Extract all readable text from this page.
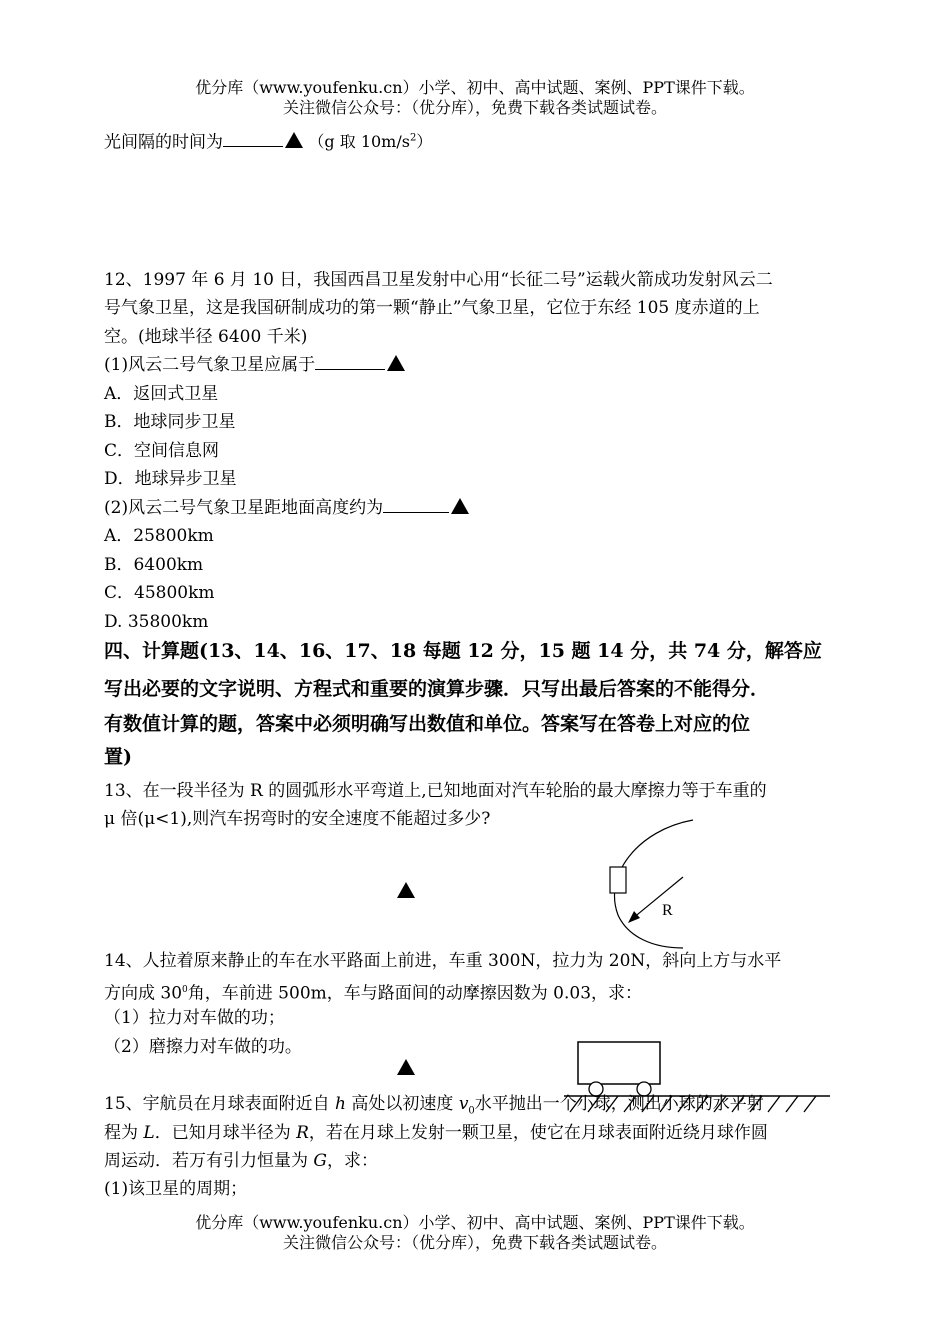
优分库（www.youfenku.cn）小学、初中、高中试题、案例、PPT课件下载。
关注微信公众号：（优分库），免费下载各类试题试卷。
光间隔的时间为	（g 取 $10m/s^2$）
12、1997 年 6 月 10 日，我国西昌卫星发射中心用“长征二号”运载火箭成功发射风云二
号气象卫星，这是我国研制成功的第一颗“静止”气象卫星，它位于东经 105 度赤道的上
空。(地球半径 6400 千米)
(1)风云二号气象卫星应属于
A．返回式卫星
B．地球同步卫星
C．空间信息网
D．地球异步卫星
(2)风云二号气象卫星距地面高度约为
A．25800km
B．6400km
C．45800km
D. 35800km
四、计算题(13、14、16、17、18 每题 12 分，15 题 14 分，共 74 分，解答应
写出必要的文字说明、方程式和重要的演算步骤．只写出最后答案的不能得分．
有数值计算的题，答案中必须明确写出数值和单位。答案写在答卷上对应的位
置)
13、在一段半径为 R 的圆弧形水平弯道上,已知地面对汽车轮胎的最大摩擦力等于车重的
μ 倍(μ<1),则汽车拐弯时的安全速度不能超过多少?
R
14、人拉着原来静止的车在水平路面上前进，车重 300N，拉力为 20N，斜向上方与水平
方向成 $30^0$角，车前进 500m，车与路面间的动摩擦因数为 0.03，求：
（1）拉力对车做的功；
（2）磨擦力对车做的功。
15、宇航员在月球表面附近自 h 高处以初速度 $v_0$水平抛出一个小球，测出小球的水平射
程为 L．已知月球半径为 R，若在月球上发射一颗卫星，使它在月球表面附近绕月球作圆
周运动．若万有引力恒量为 G，求：
(1)该卫星的周期；
优分库（www.youfenku.cn）小学、初中、高中试题、案例、PPT课件下载。
关注微信公众号：（优分库），免费下载各类试题试卷。
